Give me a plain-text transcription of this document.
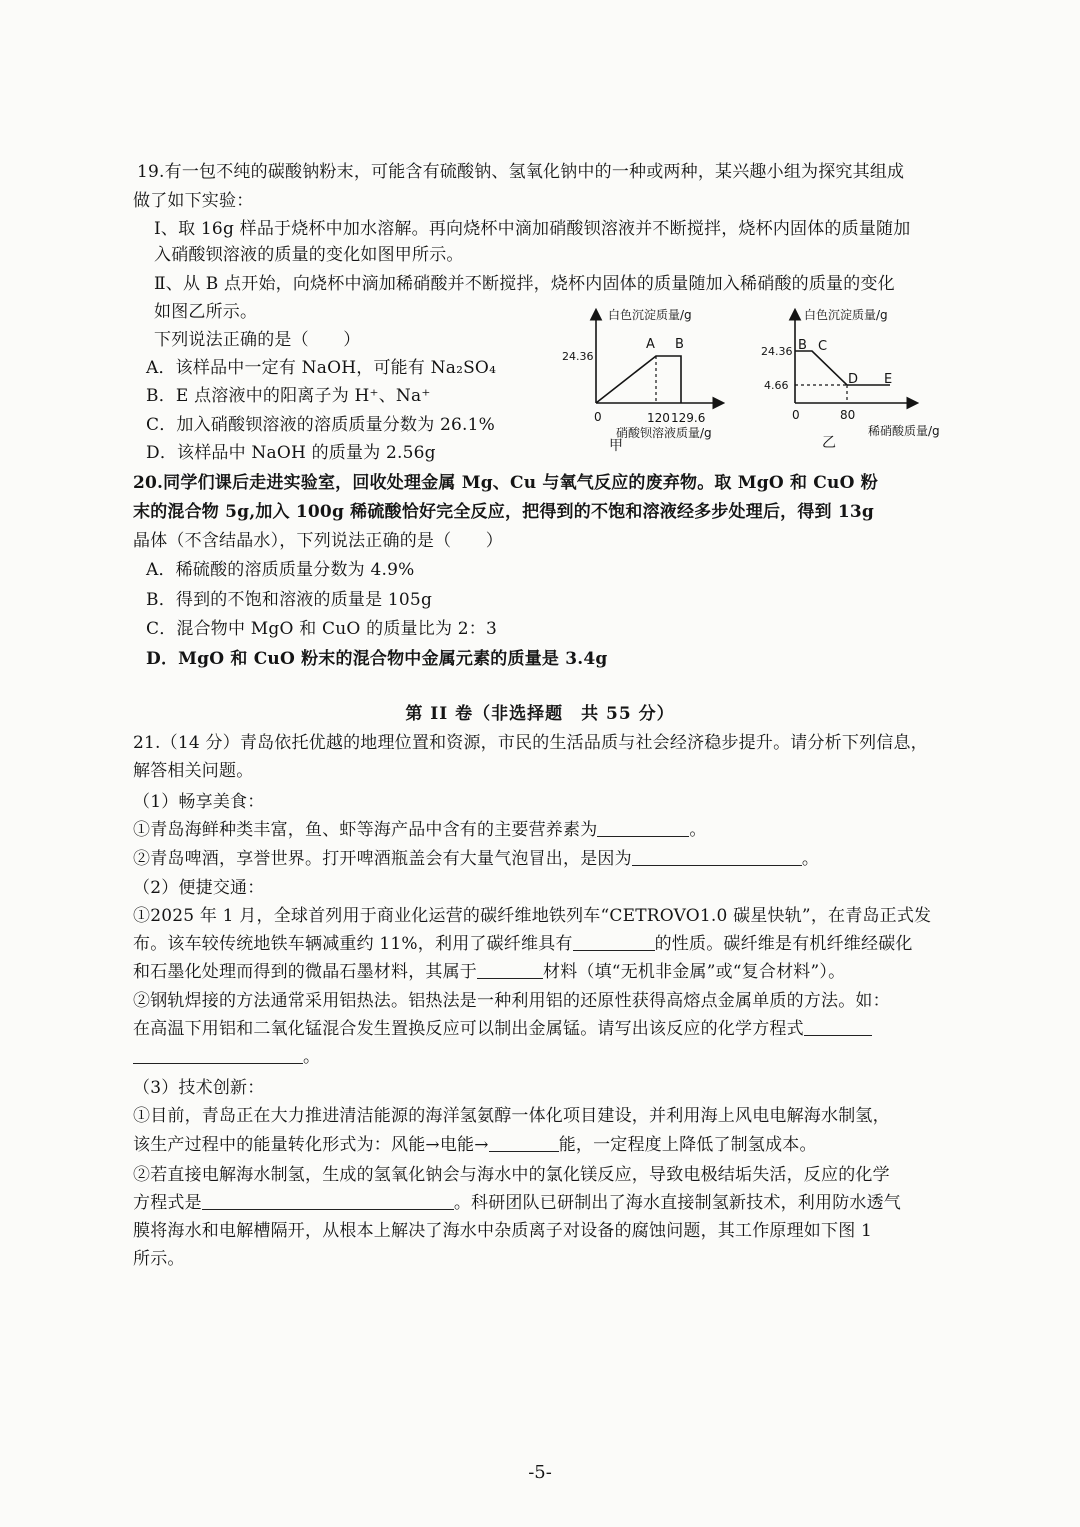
19.有一包不纯的碳酸钠粉末，可能含有硫酸钠、氢氧化钠中的一种或两种，某兴趣小组为探究其组成
做了如下实验：
Ⅰ、取 16g 样品于烧杯中加水溶解。再向烧杯中滴加硝酸钡溶液并不断搅拌，烧杯内固体的质量随加
入硝酸钡溶液的质量的变化如图甲所示。
Ⅱ、从 B 点开始，向烧杯中滴加稀硝酸并不断搅拌，烧杯内固体的质量随加入稀硝酸的质量的变化
如图乙所示。
下列说法正确的是（　　）
A．该样品中一定有 NaOH，可能有 Na₂SO₄
B．E 点溶液中的阳离子为 H⁺、Na⁺
C．加入硝酸钡溶液的溶质质量分数为 26.1%
D．该样品中 NaOH 的质量为 2.56g
白色沉淀质量/g
硝酸钡溶液质量/g
0
甲
24.36
120 129.6
A B
白色沉淀质量/g
稀硝酸质量/g
0
乙
24.36
4.66
80
B C
D E
20.同学们课后走进实验室，回收处理金属 Mg、Cu 与氧气反应的废弃物。取 MgO 和 CuO 粉
末的混合物 5g,加入 100g 稀硫酸恰好完全反应，把得到的不饱和溶液经多步处理后，得到 13g
晶体（不含结晶水），下列说法正确的是（　　）
A．稀硫酸的溶质质量分数为 4.9%
B．得到的不饱和溶液的质量是 105g
C．混合物中 MgO 和 CuO 的质量比为 2：3
D．MgO 和 CuO 粉末的混合物中金属元素的质量是 3.4g
第 II 卷（非选择题　共 55 分）
21.（14 分）青岛依托优越的地理位置和资源，市民的生活品质与社会经济稳步提升。请分析下列信息，
解答相关问题。
（1）畅享美食：
①青岛海鲜种类丰富，鱼、虾等海产品中含有的主要营养素为	。
②青岛啤酒，享誉世界。打开啤酒瓶盖会有大量气泡冒出，是因为	。
（2）便捷交通：
①2025 年 1 月，全球首列用于商业化运营的碳纤维地铁列车“CETROVO1.0 碳星快轨”，在青岛正式发
布。该车较传统地铁车辆减重约 11%，利用了碳纤维具有	的性质。碳纤维是有机纤维经碳化
和石墨化处理而得到的微晶石墨材料，其属于	材料（填“无机非金属”或“复合材料”）。
②钢轨焊接的方法通常采用铝热法。铝热法是一种利用铝的还原性获得高熔点金属单质的方法。如：
在高温下用铝和二氧化锰混合发生置换反应可以制出金属锰。请写出该反应的化学方程式
。
（3）技术创新：
①目前，青岛正在大力推进清洁能源的海洋氢氨醇一体化项目建设，并利用海上风电电解海水制氢，
该生产过程中的能量转化形式为：风能→电能→	能，一定程度上降低了制氢成本。
②若直接电解海水制氢，生成的氢氧化钠会与海水中的氯化镁反应，导致电极结垢失活，反应的化学
方程式是	。科研团队已研制出了海水直接制氢新技术，利用防水透气
膜将海水和电解槽隔开，从根本上解决了海水中杂质离子对设备的腐蚀问题，其工作原理如下图 1
所示。
-5-
